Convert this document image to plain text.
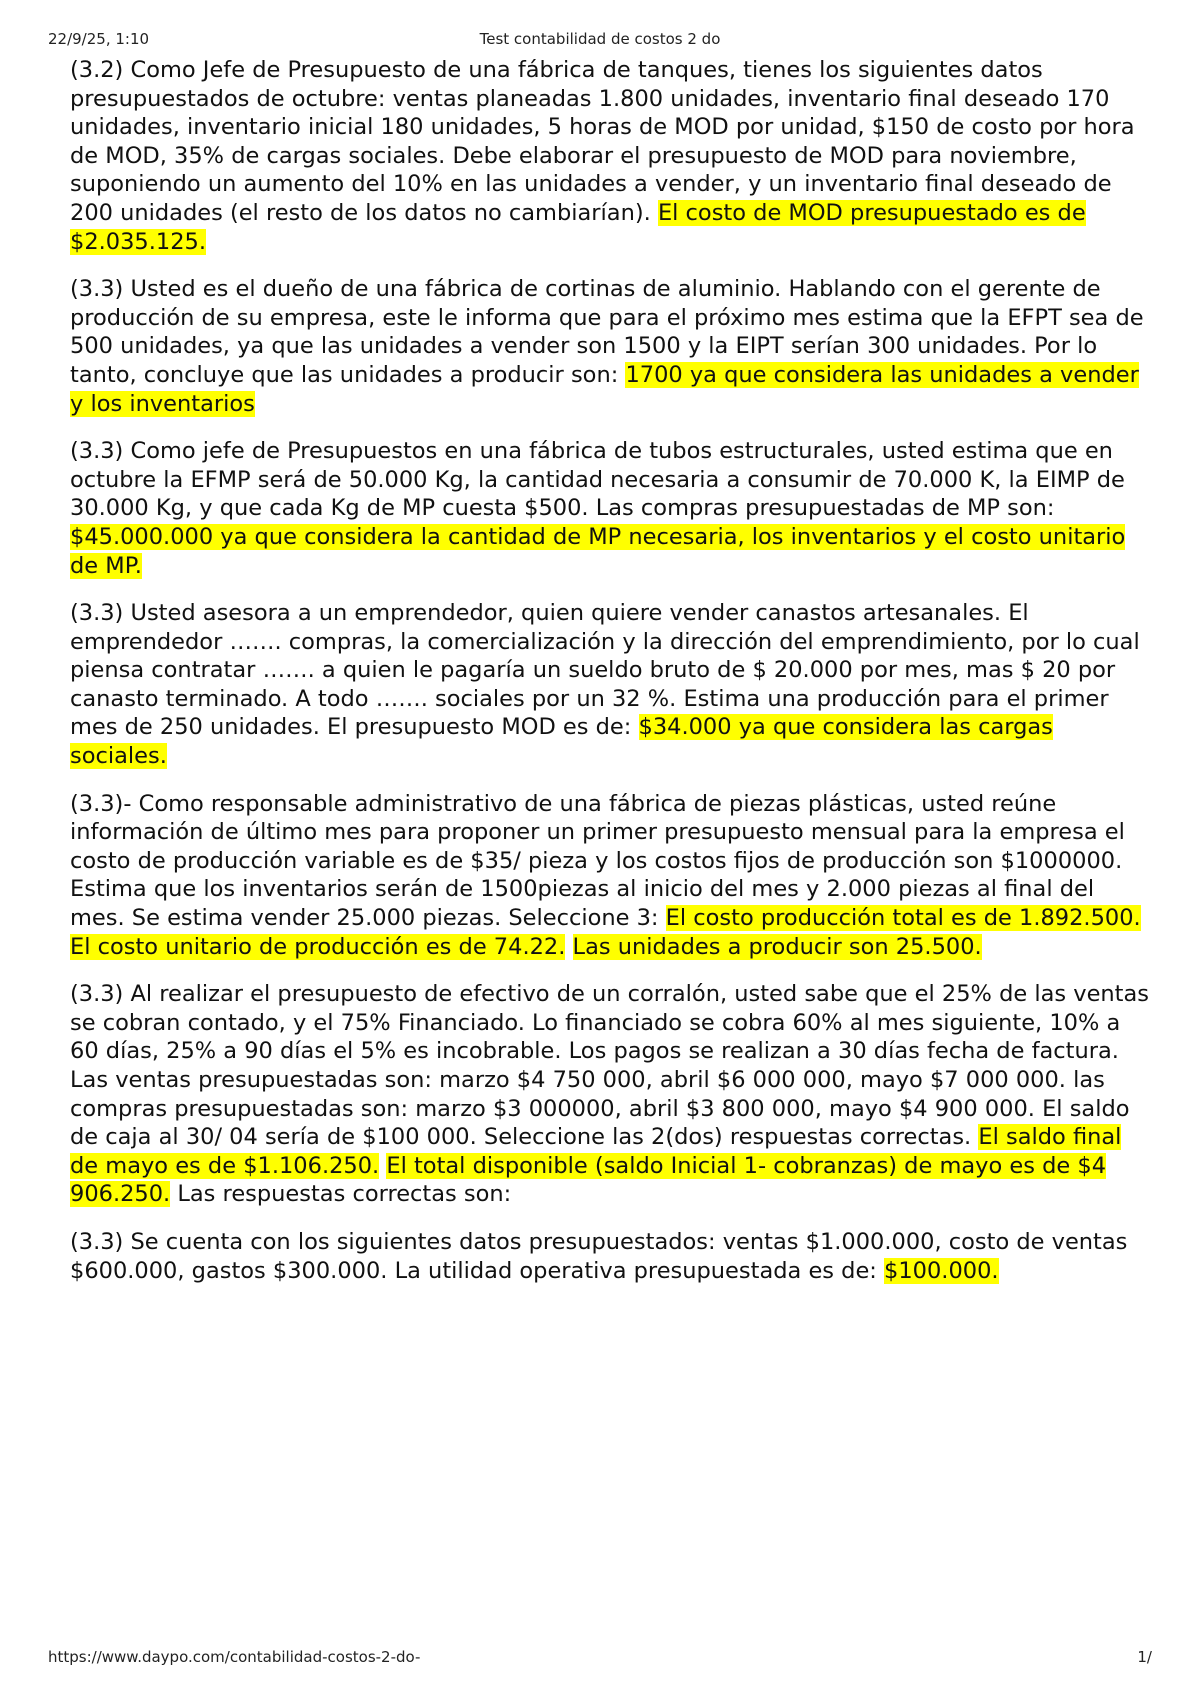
22/9/25, 1:10	Test contabilidad de costos 2 do

(3.2) Como Jefe de Presupuesto de una fábrica de tanques, tienes los siguientes datos presupuestados de octubre: ventas planeadas 1.800 unidades, inventario final deseado 170 unidades, inventario inicial 180 unidades, 5 horas de MOD por unidad, $150 de costo por hora de MOD, 35% de cargas sociales. Debe elaborar el presupuesto de MOD para noviembre, suponiendo un aumento del 10% en las unidades a vender, y un inventario final deseado de 200 unidades (el resto de los datos no cambiarían). El costo de MOD presupuestado es de $2.035.125.

(3.3) Usted es el dueño de una fábrica de cortinas de aluminio. Hablando con el gerente de producción de su empresa, este le informa que para el próximo mes estima que la EFPT sea de 500 unidades, ya que las unidades a vender son 1500 y la EIPT serían 300 unidades. Por lo tanto, concluye que las unidades a producir son: 1700 ya que considera las unidades a vender y los inventarios

(3.3) Como jefe de Presupuestos en una fábrica de tubos estructurales, usted estima que en octubre la EFMP será de 50.000 Kg, la cantidad necesaria a consumir de 70.000 K, la EIMP de 30.000 Kg, y que cada Kg de MP cuesta $500. Las compras presupuestadas de MP son: $45.000.000 ya que considera la cantidad de MP necesaria, los inventarios y el costo unitario de MP.

(3.3) Usted asesora a un emprendedor, quien quiere vender canastos artesanales. El emprendedor ……. compras, la comercialización y la dirección del emprendimiento, por lo cual piensa contratar ……. a quien le pagaría un sueldo bruto de $ 20.000 por mes, mas $ 20 por canasto terminado. A todo ……. sociales por un 32 %. Estima una producción para el primer mes de 250 unidades. El presupuesto MOD es de: $34.000 ya que considera las cargas sociales.

(3.3)- Como responsable administrativo de una fábrica de piezas plásticas, usted reúne información de último mes para proponer un primer presupuesto mensual para la empresa el costo de producción variable es de $35/ pieza y los costos fijos de producción son $1000000. Estima que los inventarios serán de 1500piezas al inicio del mes y 2.000 piezas al final del mes. Se estima vender 25.000 piezas. Seleccione 3: El costo producción total es de 1.892.500. El costo unitario de producción es de 74.22. Las unidades a producir son 25.500.

(3.3) Al realizar el presupuesto de efectivo de un corralón, usted sabe que el 25% de las ventas se cobran contado, y el 75% Financiado. Lo financiado se cobra 60% al mes siguiente, 10% a 60 días, 25% a 90 días el 5% es incobrable. Los pagos se realizan a 30 días fecha de factura. Las ventas presupuestadas son: marzo $4 750 000, abril $6 000 000, mayo $7 000 000. las compras presupuestadas son: marzo $3 000000, abril $3 800 000, mayo $4 900 000. El saldo de caja al 30/ 04 sería de $100 000. Seleccione las 2(dos) respuestas correctas. El saldo final de mayo es de $1.106.250. El total disponible (saldo Inicial 1- cobranzas) de mayo es de $4 906.250. Las respuestas correctas son:

(3.3) Se cuenta con los siguientes datos presupuestados: ventas $1.000.000, costo de ventas $600.000, gastos $300.000. La utilidad operativa presupuestada es de: $100.000.

https://www.daypo.com/contabilidad-costos-2-do-	1/
